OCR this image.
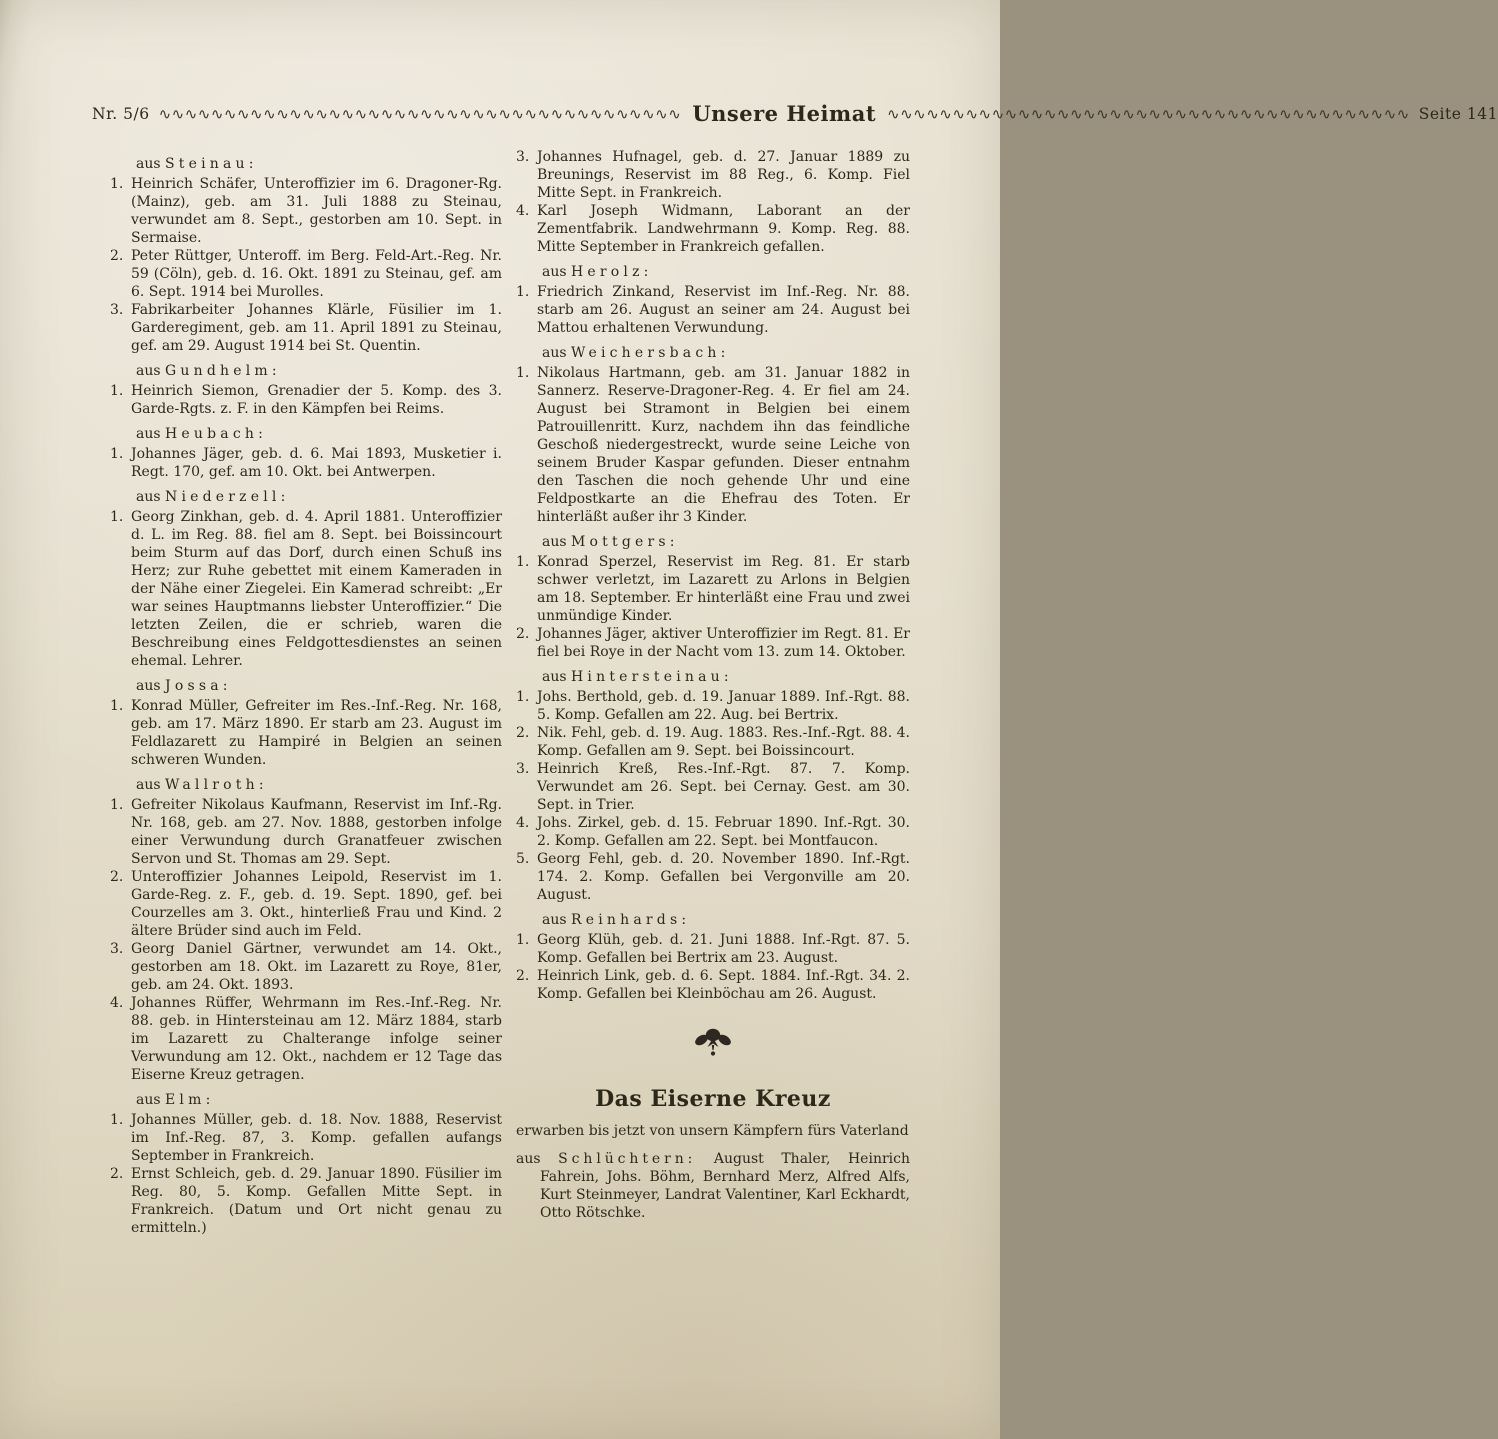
Nr. 5/6 ∿∿∿∿∿∿∿∿∿∿∿∿∿∿∿∿∿∿∿∿∿∿∿∿∿∿∿∿∿∿∿∿∿∿∿∿∿∿∿∿ Unsere Heimat ∿∿∿∿∿∿∿∿∿∿∿∿∿∿∿∿∿∿∿∿∿∿∿∿∿∿∿∿∿∿∿∿∿∿∿∿∿∿∿∿ Seite 141
aus Steinau:
1. Heinrich Schäfer, Unteroffizier im 6. Dragoner-Rg. (Mainz), geb. am 31. Juli 1888 zu Steinau, verwundet am 8. Sept., gestorben am 10. Sept. in Sermaise.
2. Peter Rüttger, Unteroff. im Berg. Feld-Art.-Reg. Nr. 59 (Cöln), geb. d. 16. Okt. 1891 zu Steinau, gef. am 6. Sept. 1914 bei Murolles.
3. Fabrikarbeiter Johannes Klärle, Füsilier im 1. Garderegiment, geb. am 11. April 1891 zu Steinau, gef. am 29. August 1914 bei St. Quentin.
aus Gundhelm:
1. Heinrich Siemon, Grenadier der 5. Komp. des 3. Garde-Rgts. z. F. in den Kämpfen bei Reims.
aus Heubach:
1. Johannes Jäger, geb. d. 6. Mai 1893, Musketier i. Regt. 170, gef. am 10. Okt. bei Antwerpen.
aus Niederzell:
1. Georg Zinkhan, geb. d. 4. April 1881. Unteroffizier d. L. im Reg. 88. fiel am 8. Sept. bei Boissincourt beim Sturm auf das Dorf, durch einen Schuß ins Herz; zur Ruhe gebettet mit einem Kameraden in der Nähe einer Ziegelei. Ein Kamerad schreibt: „Er war seines Hauptmanns liebster Unteroffizier.“ Die letzten Zeilen, die er schrieb, waren die Beschreibung eines Feldgottesdienstes an seinen ehemal. Lehrer.
aus Jossa:
1. Konrad Müller, Gefreiter im Res.-Inf.-Reg. Nr. 168, geb. am 17. März 1890. Er starb am 23. August im Feldlazarett zu Hampiré in Belgien an seinen schweren Wunden.
aus Wallroth:
1. Gefreiter Nikolaus Kaufmann, Reservist im Inf.-Rg. Nr. 168, geb. am 27. Nov. 1888, gestorben infolge einer Verwundung durch Granatfeuer zwischen Servon und St. Thomas am 29. Sept.
2. Unteroffizier Johannes Leipold, Reservist im 1. Garde-Reg. z. F., geb. d. 19. Sept. 1890, gef. bei Courzelles am 3. Okt., hinterließ Frau und Kind. 2 ältere Brüder sind auch im Feld.
3. Georg Daniel Gärtner, verwundet am 14. Okt., gestorben am 18. Okt. im Lazarett zu Roye, 81er, geb. am 24. Okt. 1893.
4. Johannes Rüffer, Wehrmann im Res.-Inf.-Reg. Nr. 88. geb. in Hintersteinau am 12. März 1884, starb im Lazarett zu Chalterange infolge seiner Verwundung am 12. Okt., nachdem er 12 Tage das Eiserne Kreuz getragen.
aus Elm:
1. Johannes Müller, geb. d. 18. Nov. 1888, Reservist im Inf.-Reg. 87, 3. Komp. gefallen aufangs September in Frankreich.
2. Ernst Schleich, geb. d. 29. Januar 1890. Füsilier im Reg. 80, 5. Komp. Gefallen Mitte Sept. in Frankreich. (Datum und Ort nicht genau zu ermitteln.)
3. Johannes Hufnagel, geb. d. 27. Januar 1889 zu Breunings, Reservist im 88 Reg., 6. Komp. Fiel Mitte Sept. in Frankreich.
4. Karl Joseph Widmann, Laborant an der Zementfabrik. Landwehrmann 9. Komp. Reg. 88. Mitte September in Frankreich gefallen.
aus Herolz:
1. Friedrich Zinkand, Reservist im Inf.-Reg. Nr. 88. starb am 26. August an seiner am 24. August bei Mattou erhaltenen Verwundung.
aus Weichersbach:
1. Nikolaus Hartmann, geb. am 31. Januar 1882 in Sannerz. Reserve-Dragoner-Reg. 4. Er fiel am 24. August bei Stramont in Belgien bei einem Patrouillenritt. Kurz, nachdem ihn das feindliche Geschoß niedergestreckt, wurde seine Leiche von seinem Bruder Kaspar gefunden. Dieser entnahm den Taschen die noch gehende Uhr und eine Feldpostkarte an die Ehefrau des Toten. Er hinterläßt außer ihr 3 Kinder.
aus Mottgers:
1. Konrad Sperzel, Reservist im Reg. 81. Er starb schwer verletzt, im Lazarett zu Arlons in Belgien am 18. September. Er hinterläßt eine Frau und zwei unmündige Kinder.
2. Johannes Jäger, aktiver Unteroffizier im Regt. 81. Er fiel bei Roye in der Nacht vom 13. zum 14. Oktober.
aus Hintersteinau:
1. Johs. Berthold, geb. d. 19. Januar 1889. Inf.-Rgt. 88. 5. Komp. Gefallen am 22. Aug. bei Bertrix.
2. Nik. Fehl, geb. d. 19. Aug. 1883. Res.-Inf.-Rgt. 88. 4. Komp. Gefallen am 9. Sept. bei Boissincourt.
3. Heinrich Kreß, Res.-Inf.-Rgt. 87. 7. Komp. Verwundet am 26. Sept. bei Cernay. Gest. am 30. Sept. in Trier.
4. Johs. Zirkel, geb. d. 15. Februar 1890. Inf.-Rgt. 30. 2. Komp. Gefallen am 22. Sept. bei Montfaucon.
5. Georg Fehl, geb. d. 20. November 1890. Inf.-Rgt. 174. 2. Komp. Gefallen bei Vergonville am 20. August.
aus Reinhards:
1. Georg Klüh, geb. d. 21. Juni 1888. Inf.-Rgt. 87. 5. Komp. Gefallen bei Bertrix am 23. August.
2. Heinrich Link, geb. d. 6. Sept. 1884. Inf.-Rgt. 34. 2. Komp. Gefallen bei Kleinböchau am 26. August.
Das Eiserne Kreuz
erwarben bis jetzt von unsern Kämpfern fürs Vaterland
aus Schlüchtern: August Thaler, Heinrich Fahrein, Johs. Böhm, Bernhard Merz, Alfred Alfs, Kurt Steinmeyer, Landrat Valentiner, Karl Eckhardt, Otto Rötschke.
